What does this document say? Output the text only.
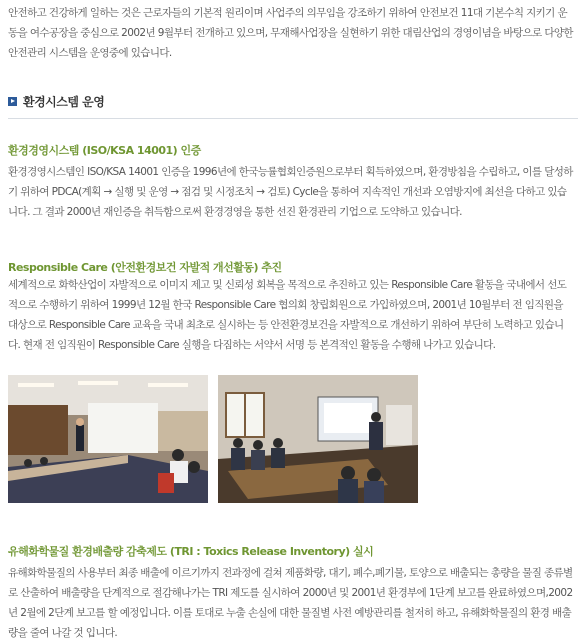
안전하고 건강하게 일하는 것은 근로자들의 기본적 원리이며 사업주의 의무임을 강조하기 위하여 안전보건 11대 기본수칙 지키기 운동을 여수공장을 중심으로 2002년 9월부터 전개하고 있으며, 무재해사업장을 실현하기 위한 대림산업의 경영이념을 바탕으로 다양한 안전관리 시스템을 운영중에 있습니다.

환경시스템 운영
환경경영시스템 (ISO/KSA 14001) 인증

환경경영시스템인 ISO/KSA 14001 인증을 1996년에 한국능률협회인증원으로부터 획득하였으며, 환경방침을 수립하고, 이를 달성하기 위하여 PDCA(계획 → 실행 및 운영 → 점검 및 시정조치 → 검토) Cycle을 통하여 지속적인 개선과 오염방지에 최선을 다하고 있습니다. 그 결과 2000년 재인증을 취득함으로써 환경경영을 통한 선진 환경관리 기업으로 도약하고 있습니다.

Responsible Care (안전환경보건 자발적 개선활동) 추진

세계적으로 화학산업이 자발적으로 이미지 제고 및 신뢰성 회복을 목적으로 추진하고 있는 Responsible Care 활동을 국내에서 선도적으로 수행하기 위하여 1999년 12월 한국 Responsible Care 협의회 창립회원으로 가입하였으며, 2001년 10월부터 전 임직원을 대상으로 Responsible Care 교육을 국내 최초로 실시하는 등 안전환경보건을 자발적으로 개선하기 위하여 부단히 노력하고 있습니다. 현재 전 임직원이 Responsible Care 실행을 다짐하는 서약서 서명 등 본격적인 활동을 수행해 나가고 있습니다.

유해화학물질 환경배출량 감축제도 (TRI : Toxics Release Inventory) 실시

유해화학물질의 사용부터 최종 배출에 이르기까지 전과정에 걸쳐 제품화량, 대기, 폐수,폐기물, 토양으로 배출되는 총량을 물질 종류별로 산출하여 배출량을 단계적으로 절감해나가는 TRI 제도를 실시하여 2000년 및 2001년 환경부에 1단계 보고를 완료하였으며,2002년 2월에 2단계 보고를 할 예정입니다. 이를 토대로 누출 손실에 대한 물질별 사전 예방관리를 철저히 하고, 유해화학물질의 환경 배출량을 줄여 나갈 것 입니다.
